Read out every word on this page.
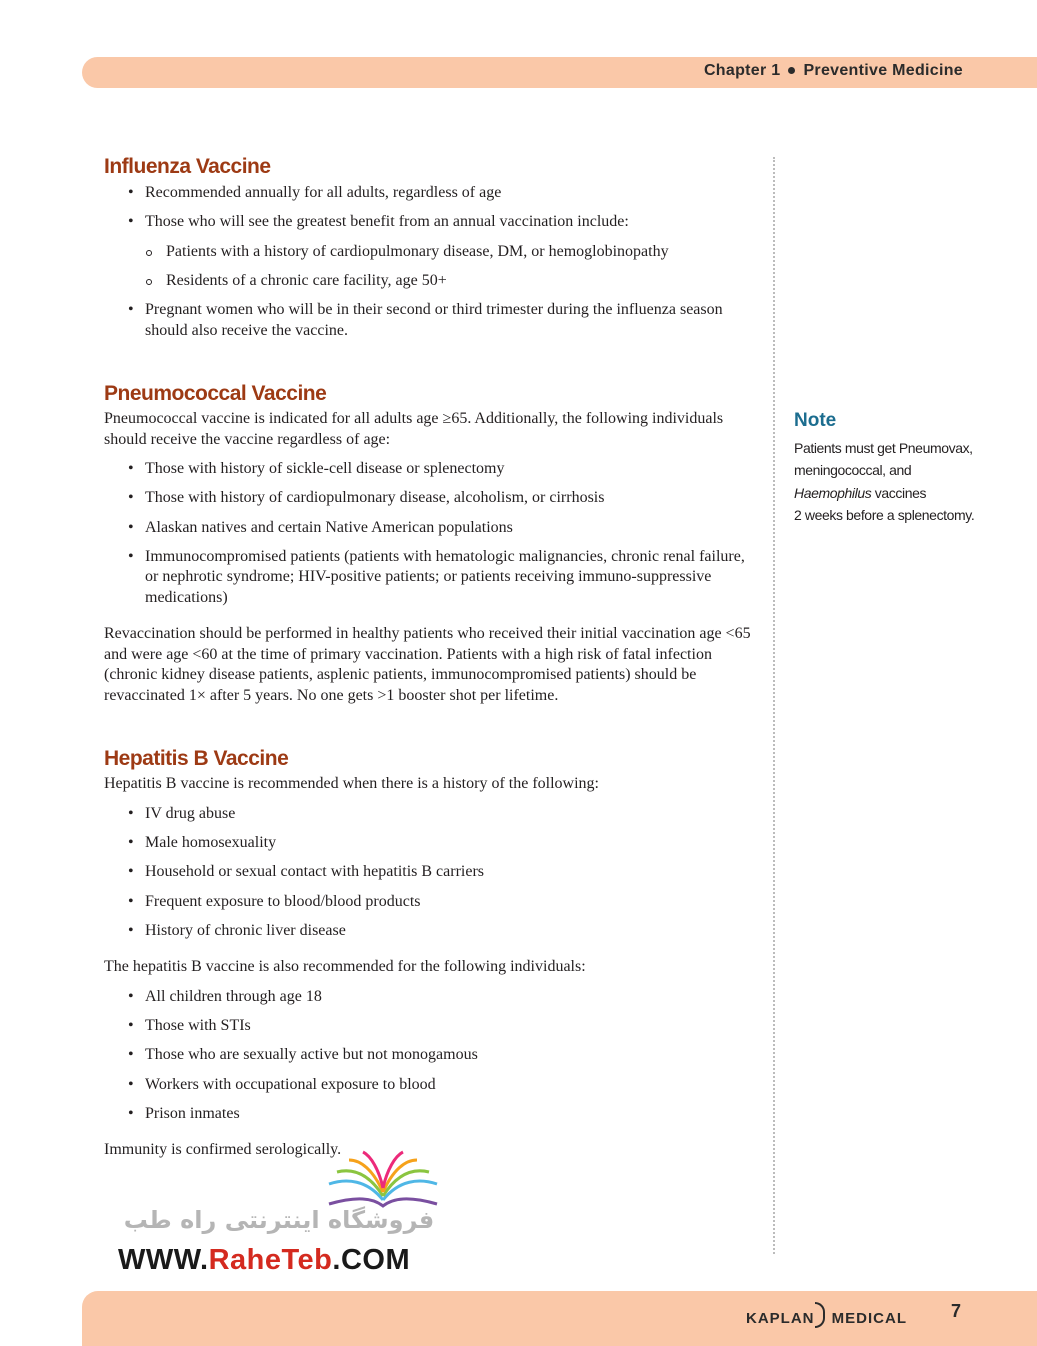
Chapter 1 Preventive Medicine
Influenza Vaccine
• Recommended annually for all adults, regardless of age
• Those who will see the greatest benefit from an annual vaccination include:
Patients with a history of cardiopulmonary disease, DM, or hemoglobinopathy
Residents of a chronic care facility, age 50+
• Pregnant women who will be in their second or third trimester during the influenza season should also receive the vaccine.
Pneumococcal Vaccine

Pneumococcal vaccine is indicated for all adults age ≥65. Additionally, the following individuals should receive the vaccine regardless of age:

• Those with history of sickle-cell disease or splenectomy
• Those with history of cardiopulmonary disease, alcoholism, or cirrhosis
• Alaskan natives and certain Native American populations
• Immunocompromised patients (patients with hematologic malignancies, chronic renal failure, or nephrotic syndrome; HIV-positive patients; or patients receiving immuno-suppressive medications)

Revaccination should be performed in healthy patients who received their initial vaccination age <65 and were age <60 at the time of primary vaccination. Patients with a high risk of fatal infection (chronic kidney disease patients, asplenic patients, immunocompromised patients) should be revaccinated 1× after 5 years. No one gets >1 booster shot per lifetime.

Hepatitis B Vaccine

Hepatitis B vaccine is recommended when there is a history of the following:

• IV drug abuse
• Male homosexuality
• Household or sexual contact with hepatitis B carriers
• Frequent exposure to blood/blood products
• History of chronic liver disease

The hepatitis B vaccine is also recommended for the following individuals:

• All children through age 18
• Those with STIs
• Those who are sexually active but not monogamous
• Workers with occupational exposure to blood
• Prison inmates

Immunity is confirmed serologically.

Note

Patients must get Pneumovax,
meningococcal, and
Haemophilus vaccines
2 weeks before a splenectomy.

فروشگاه اینترنتی راه طب
WWW.RaheTeb.COM
KAPLAN MEDICAL 7
